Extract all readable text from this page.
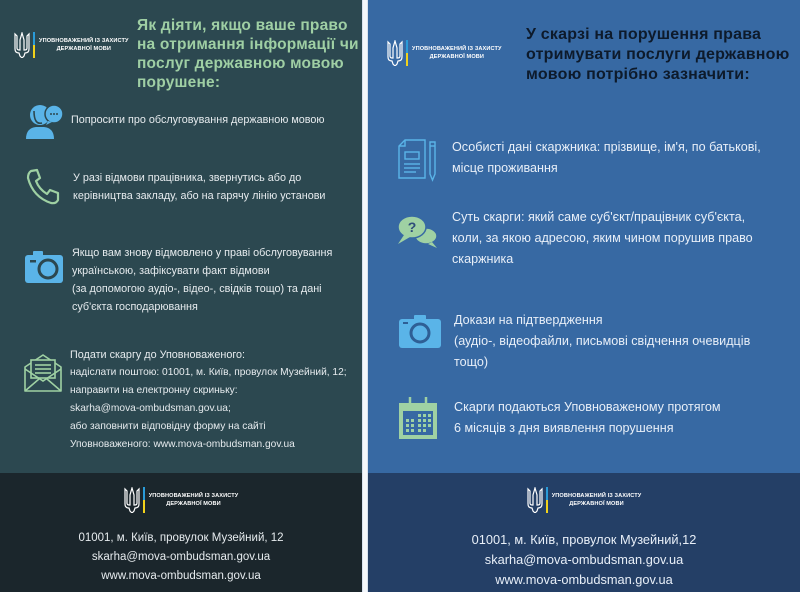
УПОВНОВАЖЕНИЙ ІЗ ЗАХИСТУ
ДЕРЖАВНОЇ МОВИ
Як діяти, якщо ваше право на отримання інформації чи послуг державною мовою порушене:
Попросити про обслуговування державною мовою
У разі відмови працівника, звернутись або до
керівництва закладу, або на гарячу лінію установи
Якщо вам знову відмовлено у праві обслуговування
українською, зафіксувати факт відмови
(за допомогою аудіо-, відео-, свідків тощо) та дані
суб'єкта господарювання
Подати скаргу до Уповноваженого:
надіслати поштою: 01001, м. Київ, провулок Музейний, 12;
направити на електронну скриньку:
skarha@mova-ombudsman.gov.ua;
або заповнити відповідну форму на сайті
Уповноваженого: www.mova-ombudsman.gov.ua
УПОВНОВАЖЕНИЙ ІЗ ЗАХИСТУ
ДЕРЖАВНОЇ МОВИ
01001, м. Київ, провулок Музейний, 12
skarha@mova-ombudsman.gov.ua
www.mova-ombudsman.gov.ua
УПОВНОВАЖЕНИЙ ІЗ ЗАХИСТУ
ДЕРЖАВНОЇ МОВИ
У скарзі на порушення права отримувати послуги державною мовою потрібно зазначити:
Особисті дані скаржника: прізвище, ім'я, по батькові,
місце проживання
?
Суть скарги: який саме суб'єкт/працівник суб'єкта,
коли, за якою адресою, яким чином порушив право
скаржника
Докази на підтвердження
(аудіо-, відеофайли, письмові свідчення очевидців
тощо)
Скарги подаються Уповноваженому протягом
6 місяців з дня виявлення порушення
УПОВНОВАЖЕНИЙ ІЗ ЗАХИСТУ
ДЕРЖАВНОЇ МОВИ
01001, м. Київ, провулок Музейний,12
skarha@mova-ombudsman.gov.ua
www.mova-ombudsman.gov.ua
